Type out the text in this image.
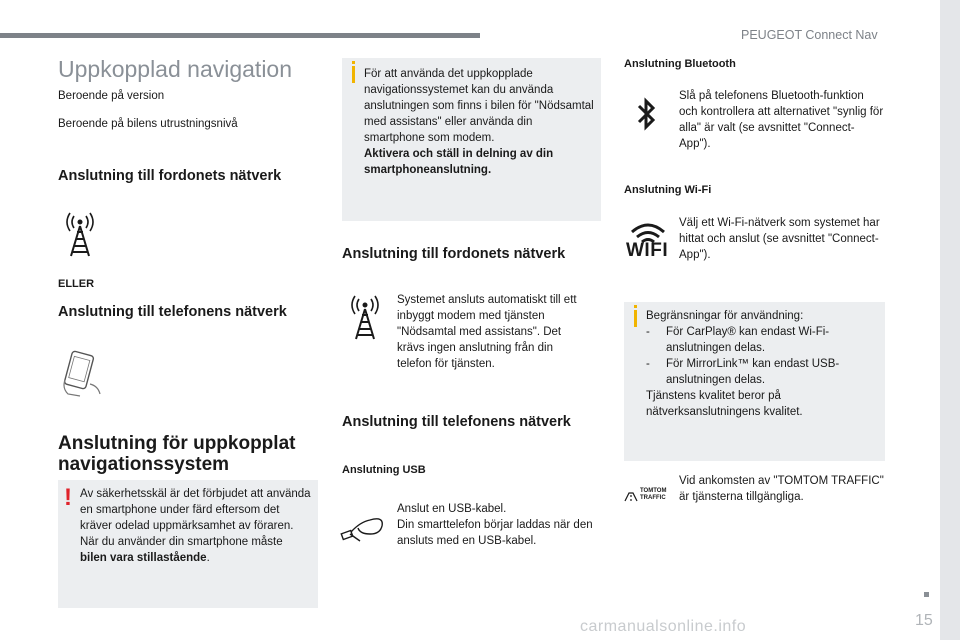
PEUGEOT Connect Nav
15
carmanualsonline.info
Uppkopplad navigation
Beroende på version
Beroende på bilens utrustningsnivå
Anslutning till fordonets nätverk
ELLER
Anslutning till telefonens nätverk
Anslutning för uppkopplat navigationssystem
! Av säkerhetsskäl är det förbjudet att använda en smartphone under färd eftersom det kräver odelad uppmärksamhet av föraren.
När du använder din smartphone måste bilen vara stillastående.
För att använda det uppkopplade navigationssystemet kan du använda anslutningen som finns i bilen för "Nödsamtal med assistans" eller använda din smartphone som modem.
Aktivera och ställ in delning av din smartphoneanslutning.
Anslutning till fordonets nätverk
Systemet ansluts automatiskt till ett inbyggt modem med tjänsten "Nödsamtal med assistans". Det krävs ingen anslutning från din telefon för tjänsten.
Anslutning till telefonens nätverk
Anslutning USB
Anslut en USB-kabel.
Din smarttelefon börjar laddas när den ansluts med en USB-kabel.
Anslutning Bluetooth
Slå på telefonens Bluetooth-funktion och kontrollera att alternativet "synlig för alla" är valt (se avsnittet "Connect-App").
Anslutning Wi-Fi
WIFI
Välj ett Wi-Fi-nätverk som systemet har hittat och anslut (se avsnittet "Connect-App").
Begränsningar för användning:
- För CarPlay® kan endast Wi-Fi-anslutningen delas.
- För MirrorLink™ kan endast USB-anslutningen delas.
Tjänstens kvalitet beror på nätverksanslutningens kvalitet.
TOMTOM
TRAFFIC
Vid ankomsten av "TOMTOM TRAFFIC" är tjänsterna tillgängliga.
